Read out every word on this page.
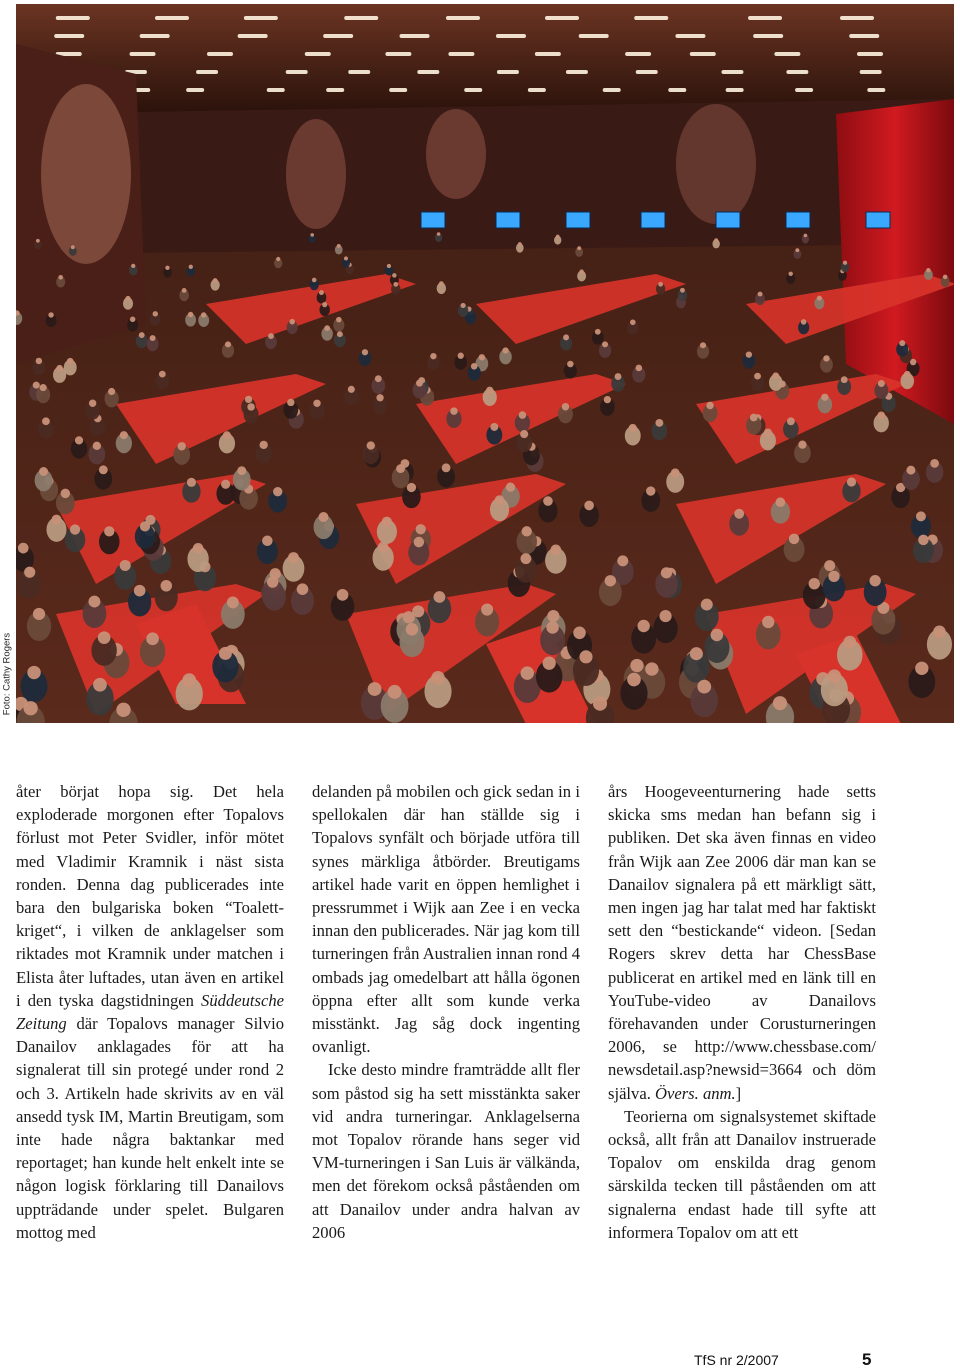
Foto: Cathy Rogers

åter börjat hopa sig. Det hela exploderade morgonen efter Topalovs förlust mot Peter Svidler, inför mötet med Vladimir Kramnik i näst sista ronden. Denna dag publicerades inte bara den bulgariska boken “Toalettkriget“, i vilken de anklagelser som riktades mot Kramnik under matchen i Elista åter luftades, utan även en artikel i den tyska dagstidningen Süddeutsche Zeitung där Topalovs manager Silvio Danailov anklagades för att ha signalerat till sin protegé under rond 2 och 3. Artikeln hade skrivits av en väl ansedd tysk IM, Martin Breutigam, som inte hade några baktankar med reportaget; han kunde helt enkelt inte se någon logisk förklaring till Danailovs uppträdande under spelet. Bulgaren mottog med

delanden på mobilen och gick sedan in i spellokalen där han ställde sig i Topalovs synfält och började utföra till synes märkliga åtbörder. Breutigams artikel hade varit en öppen hemlighet i pressrummet i Wijk aan Zee i en vecka innan den publicerades. När jag kom till turneringen från Australien innan rond 4 ombads jag omedelbart att hålla ögonen öppna efter allt som kunde verka misstänkt. Jag såg dock ingenting ovanligt.

Icke desto mindre framträdde allt fler som påstod sig ha sett misstänkta saker vid andra turneringar. Anklagelserna mot Topalov rörande hans seger vid VM-turneringen i San Luis är välkända, men det förekom också påståenden om att Danailov under andra halvan av 2006

års Hoogeveenturnering hade setts skicka sms medan han befann sig i publiken. Det ska även finnas en video från Wijk aan Zee 2006 där man kan se Danailov signalera på ett märkligt sätt, men ingen jag har talat med har faktiskt sett den “bestickande“ videon. [Sedan Rogers skrev detta har ChessBase publicerat en artikel med en länk till en YouTube-video av Danailovs förehavanden under Corusturneringen 2006, se http://www.chessbase.com/ newsdetail.asp?newsid=3664 och döm själva. Övers. anm.]

Teorierna om signalsystemet skiftade också, allt från att Danailov instruerade Topalov om enskilda drag genom särskilda tecken till påståenden om att signalerna endast hade till syfte att informera Topalov om att ett

TfS nr 2/2007	5
